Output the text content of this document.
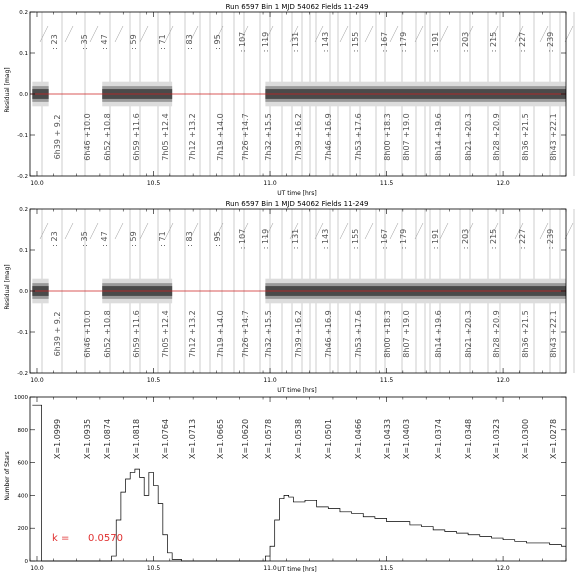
Run 6597 Bin 1 MJD 54062 Fields 11-249
Residual [mag]
UT time [hrs]
: 23	: 35 : 47	: 59	: 71 : 83 : 95 : 107 : 119	: 131	: 143	: 155	: 167 : 179	: 191	: 203 : 215	: 227 : 239
6h39 + 9.2	6h46 +10.0 6h52 +10.8	6h59 +11.6	7h05 +12.4 7h12 +13.2 7h19 +14.0 7h26 +14.7 7h32 +15.5	7h39 +16.2	7h46 +16.9	7h53 +17.6	8h00 +18.3 8h07 +19.0	8h14 +19.6	8h21 +20.3 8h28 +20.9	8h36 +21.5 8h43 +22.1
10.0	10.5	11.0	11.5	12.0
0.2
0.1
0.0
-0.1
-0.2
Run 6597 Bin 1 MJD 54062 Fields 11-249
Residual [mag]
UT time [hrs]
: 23	: 35 : 47	: 59	: 71 : 83 : 95 : 107 : 119	: 131	: 143	: 155	: 167 : 179	: 191	: 203 : 215	: 227 : 239
6h39 + 9.2	6h46 +10.0 6h52 +10.8	6h59 +11.6	7h05 +12.4 7h12 +13.2 7h19 +14.0 7h26 +14.7 7h32 +15.5	7h39 +16.2	7h46 +16.9	7h53 +17.6	8h00 +18.3 8h07 +19.0	8h14 +19.6	8h21 +20.3 8h28 +20.9	8h36 +21.5 8h43 +22.1
10.0	10.5	11.0	11.5	12.0
0.2
0.1
0.0
-0.1
-0.2
Number of Stars
UT time [hrs]
k = 0.0570
X=1.0999	X=1.0935 X=1.0874	X=1.0818	X=1.0764 X=1.0713 X=1.0665 X=1.0620 X=1.0578	X=1.0538	X=1.0501	X=1.0466	X=1.0433 X=1.0403	X=1.0374	X=1.0348 X=1.0323	X=1.0300 X=1.0278
10.0	10.5	11.0	11.5	12.0
1000
800
600
400
200
0
